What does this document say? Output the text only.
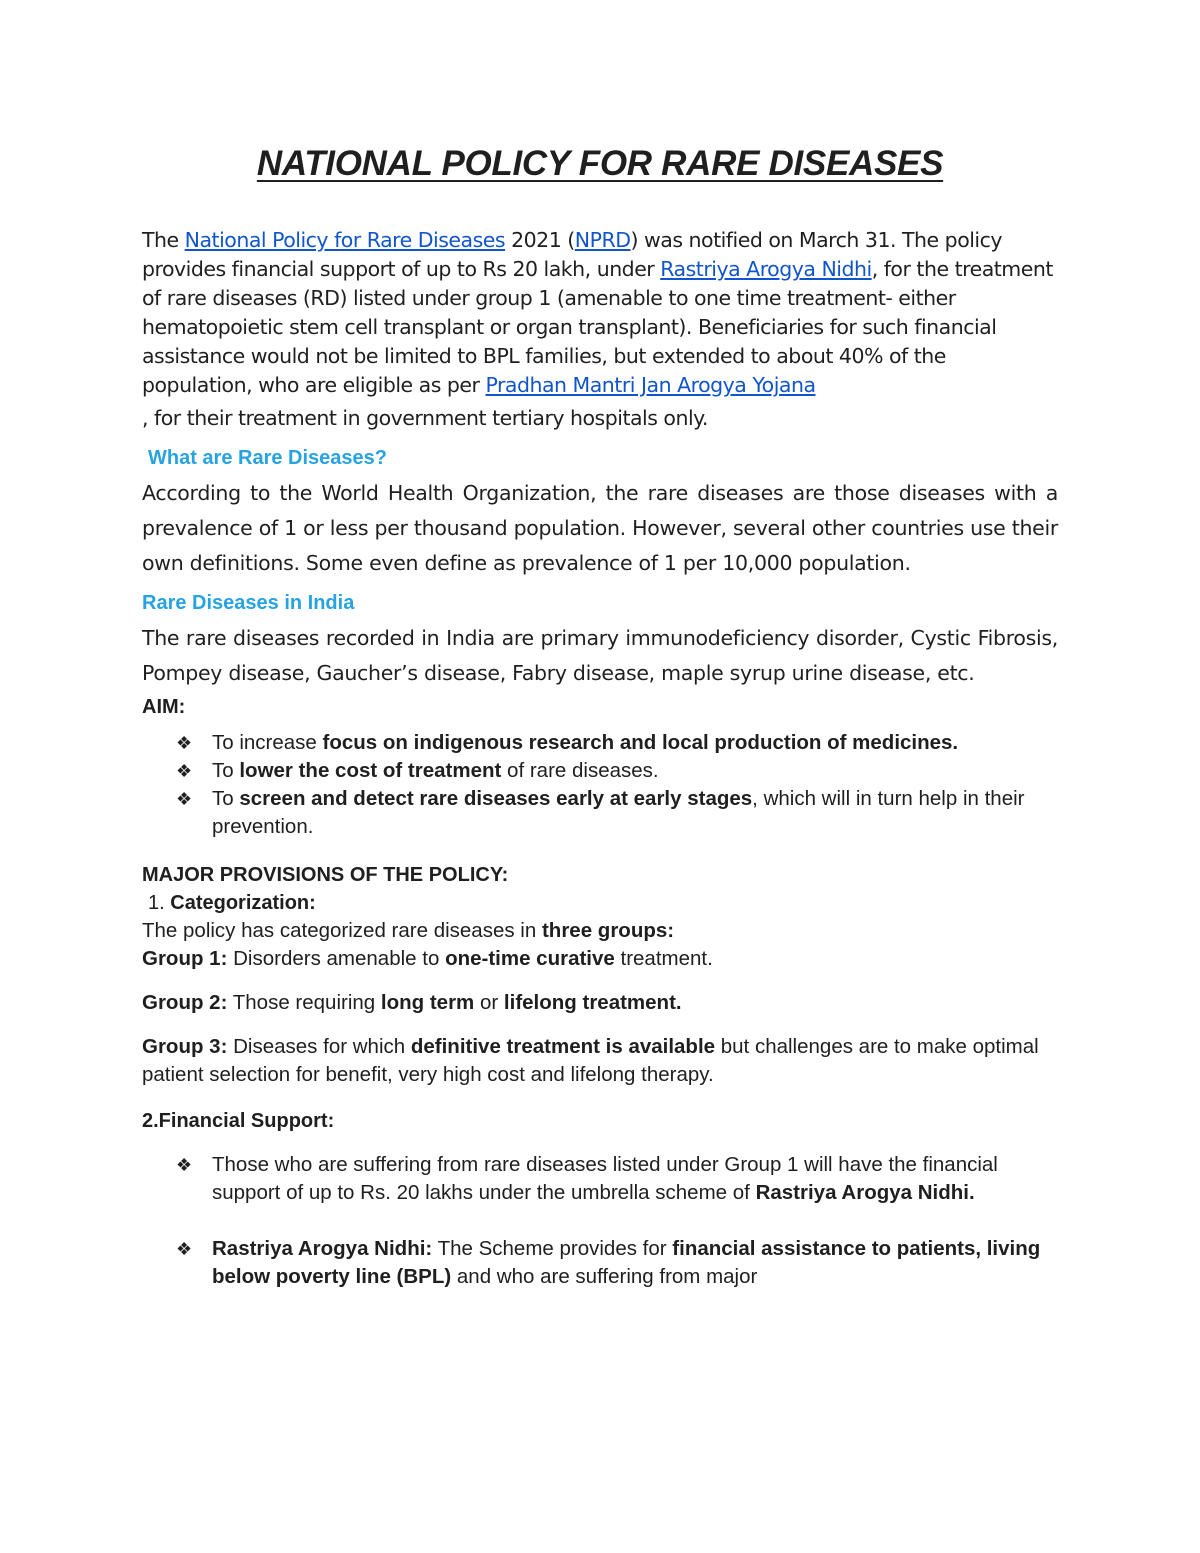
NATIONAL POLICY FOR RARE DISEASES

The National Policy for Rare Diseases 2021 (NPRD) was notified on March 31. The policy provides financial support of up to Rs 20 lakh, under Rastriya Arogya Nidhi, for the treatment of rare diseases (RD) listed under group 1 (amenable to one time treatment- either hematopoietic stem cell transplant or organ transplant). Beneficiaries for such financial assistance would not be limited to BPL families, but extended to about 40% of the population, who are eligible as per Pradhan Mantri Jan Arogya Yojana

, for their treatment in government tertiary hospitals only.

What are Rare Diseases?

According to the World Health Organization, the rare diseases are those diseases with a prevalence of 1 or less per thousand population. However, several other countries use their own definitions. Some even define as prevalence of 1 per 10,000 population.

Rare Diseases in India

The rare diseases recorded in India are primary immunodeficiency disorder, Cystic Fibrosis, Pompey disease, Gaucher’s disease, Fabry disease, maple syrup urine disease, etc.

AIM:
❖ To increase focus on indigenous research and local production of medicines.
❖ To lower the cost of treatment of rare diseases.
❖ To screen and detect rare diseases early at early stages, which will in turn help in their prevention.
MAJOR PROVISIONS OF THE POLICY:
1. Categorization:

The policy has categorized rare diseases in three groups:

Group 1: Disorders amenable to one-time curative treatment.

Group 2: Those requiring long term or lifelong treatment.

Group 3: Diseases for which definitive treatment is available but challenges are to make optimal patient selection for benefit, very high cost and lifelong therapy.

2.Financial Support:
❖ Those who are suffering from rare diseases listed under Group 1 will have the financial support of up to Rs. 20 lakhs under the umbrella scheme of Rastriya Arogya Nidhi.
❖ Rastriya Arogya Nidhi: The Scheme provides for financial assistance to patients, living below poverty line (BPL) and who are suffering from major
